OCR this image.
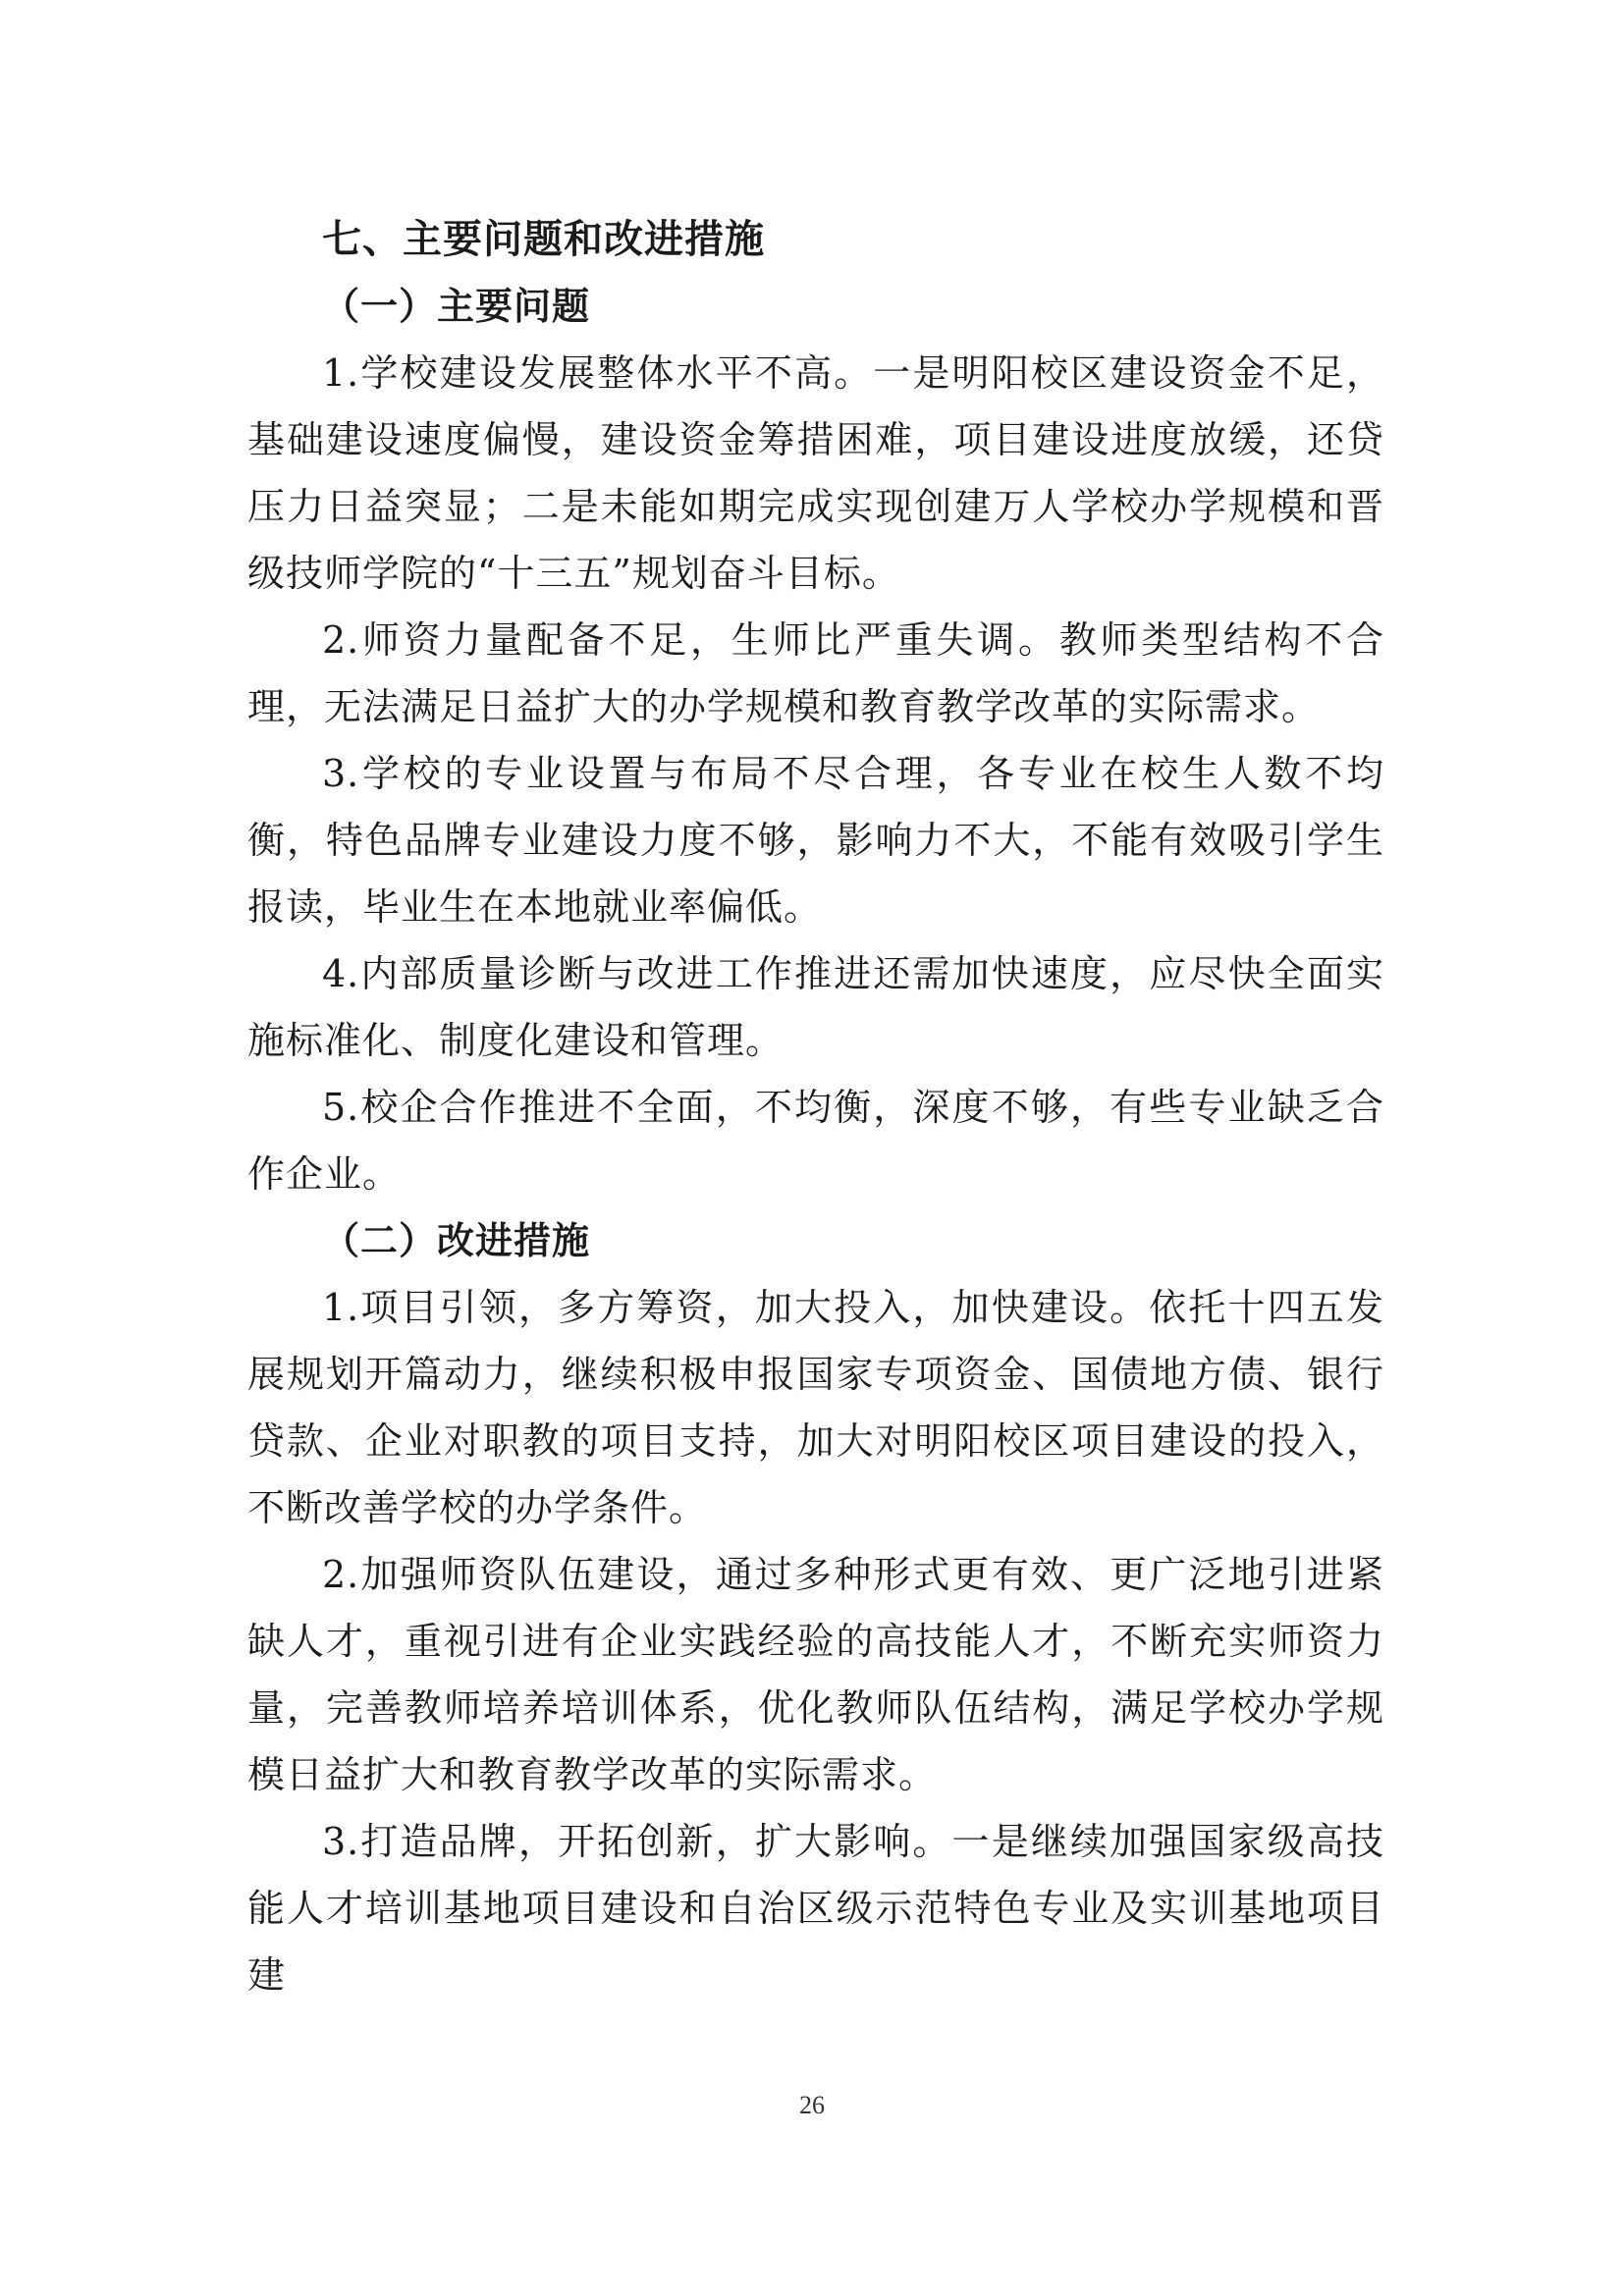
七、主要问题和改进措施
（一）主要问题

1.学校建设发展整体水平不高。一是明阳校区建设资金不足，基础建设速度偏慢，建设资金筹措困难，项目建设进度放缓，还贷压力日益突显；二是未能如期完成实现创建万人学校办学规模和晋级技师学院的“十三五”规划奋斗目标。

2.师资力量配备不足，生师比严重失调。教师类型结构不合理，无法满足日益扩大的办学规模和教育教学改革的实际需求。

3.学校的专业设置与布局不尽合理，各专业在校生人数不均衡，特色品牌专业建设力度不够，影响力不大，不能有效吸引学生报读，毕业生在本地就业率偏低。

4.内部质量诊断与改进工作推进还需加快速度，应尽快全面实施标准化、制度化建设和管理。

5.校企合作推进不全面，不均衡，深度不够，有些专业缺乏合作企业。

（二）改进措施

1.项目引领，多方筹资，加大投入，加快建设。依托十四五发展规划开篇动力，继续积极申报国家专项资金、国债地方债、银行贷款、企业对职教的项目支持，加大对明阳校区项目建设的投入，不断改善学校的办学条件。

2.加强师资队伍建设，通过多种形式更有效、更广泛地引进紧缺人才，重视引进有企业实践经验的高技能人才，不断充实师资力量，完善教师培养培训体系，优化教师队伍结构，满足学校办学规模日益扩大和教育教学改革的实际需求。

3.打造品牌，开拓创新，扩大影响。一是继续加强国家级高技能人才培训基地项目建设和自治区级示范特色专业及实训基地项目建

26
